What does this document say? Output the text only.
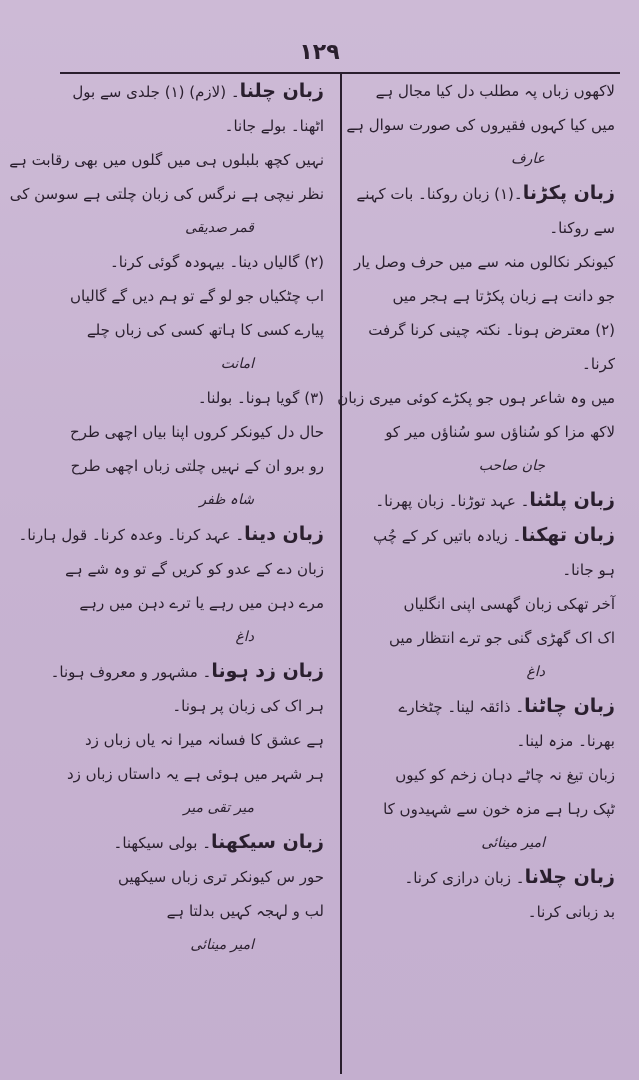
۱۲۹
لاکھوں زباں پہ مطلب دل کیا مجال ہے
میں کیا کہوں فقیروں کی صورت سوال ہے
عارف
زبان پکڑنا۔(۱) زبان روکنا۔ بات کہنے
سے روکنا۔
کیونکر نکالوں منہ سے میں حرف وصل یار
جو دانت ہے زبان پکڑتا ہے ہجر میں
(۲) معترض ہونا۔ نکتہ چینی کرنا گرفت
کرنا۔
میں وہ شاعر ہوں جو پکڑے کوئی میری زبان
لاکھ مزا کو سُناؤں سو سُناؤں میر کو
جان صاحب
زبان پلٹنا۔ عہد توڑنا۔ زبان پھرنا۔
زبان تھکنا۔ زیادہ باتیں کر کے چُپ
ہو جانا۔
آخر تھکی زبان گھسی اپنی انگلیاں
اک اک گھڑی گنی جو ترے انتظار میں
داغ
زبان چاٹنا۔ ذائقہ لینا۔ چٹخارے
بھرنا۔ مزہ لینا۔
زبان تیغ نہ چاٹے دہان زخم کو کیوں
ٹپک رہا ہے مزہ خون سے شہیدوں کا
امیر مینائی
زبان چلانا۔ زبان درازی کرنا۔
بد زبانی کرنا۔
زبان چلنا۔ (لازم) (۱) جلدی سے بول
اٹھنا۔ بولے جانا۔
نہیں کچھ بلبلوں ہی میں گلوں میں بھی رقابت ہے
نظر نیچی ہے نرگس کی زبان چلتی ہے سوسن کی
قمر صدیقی
(۲) گالیاں دینا۔ بیہودہ گوئی کرنا۔
اب چٹکیاں جو لو گے تو ہم دیں گے گالیاں
پیارے کسی کا ہاتھ کسی کی زباں چلے
امانت
(۳) گویا ہونا۔ بولنا۔
حال دل کیونکر کروں اپنا بیاں اچھی طرح
رو برو ان کے نہیں چلتی زباں اچھی طرح
شاہ ظفر
زبان دینا۔ عہد کرنا۔ وعدہ کرنا۔ قول ہارنا۔
زبان دے کے عدو کو کریں گے تو وہ شے ہے
مرے دہن میں رہے یا ترے دہن میں رہے
داغ
زبان زد ہونا۔ مشہور و معروف ہونا۔
ہر اک کی زبان پر ہونا۔
ہے عشق کا فسانہ میرا نہ یاں زباں زد
ہر شہر میں ہوئی ہے یہ داستاں زباں زد
میر تقی میر
زبان سیکھنا۔ بولی سیکھنا۔
حور س کیونکر تری زباں سیکھیں
لب و لہجہ کہیں بدلتا ہے
امیر مینائی
